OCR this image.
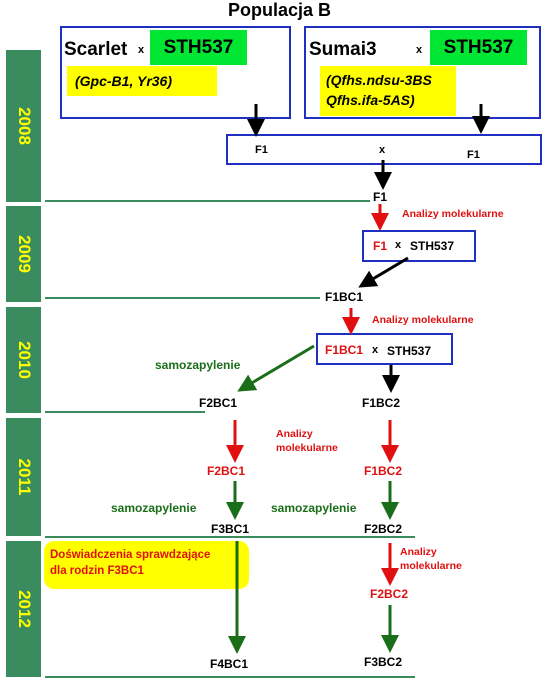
Populacja B
2008
2009
2010
2011
2012
Scarlet x	STH537
(Gpc-B1, Yr36)
Sumai3	x	STH537
(Qfhs.ndsu-3BS
Qfhs.ifa-5AS)
F1	x	F1
F1
Analizy molekularne
F1 x STH537
F1BC1
Analizy molekularne
F1BC1 x STH537
samozapylenie
F2BC1	F1BC2
Analizy
molekularne
F2BC1	F1BC2
samozapylenie	samozapylenie
F3BC1	F2BC2
Doświadczenia sprawdzające
dla rodzin F3BC1
Analizy
molekularne
F2BC2
F4BC1	F3BC2
